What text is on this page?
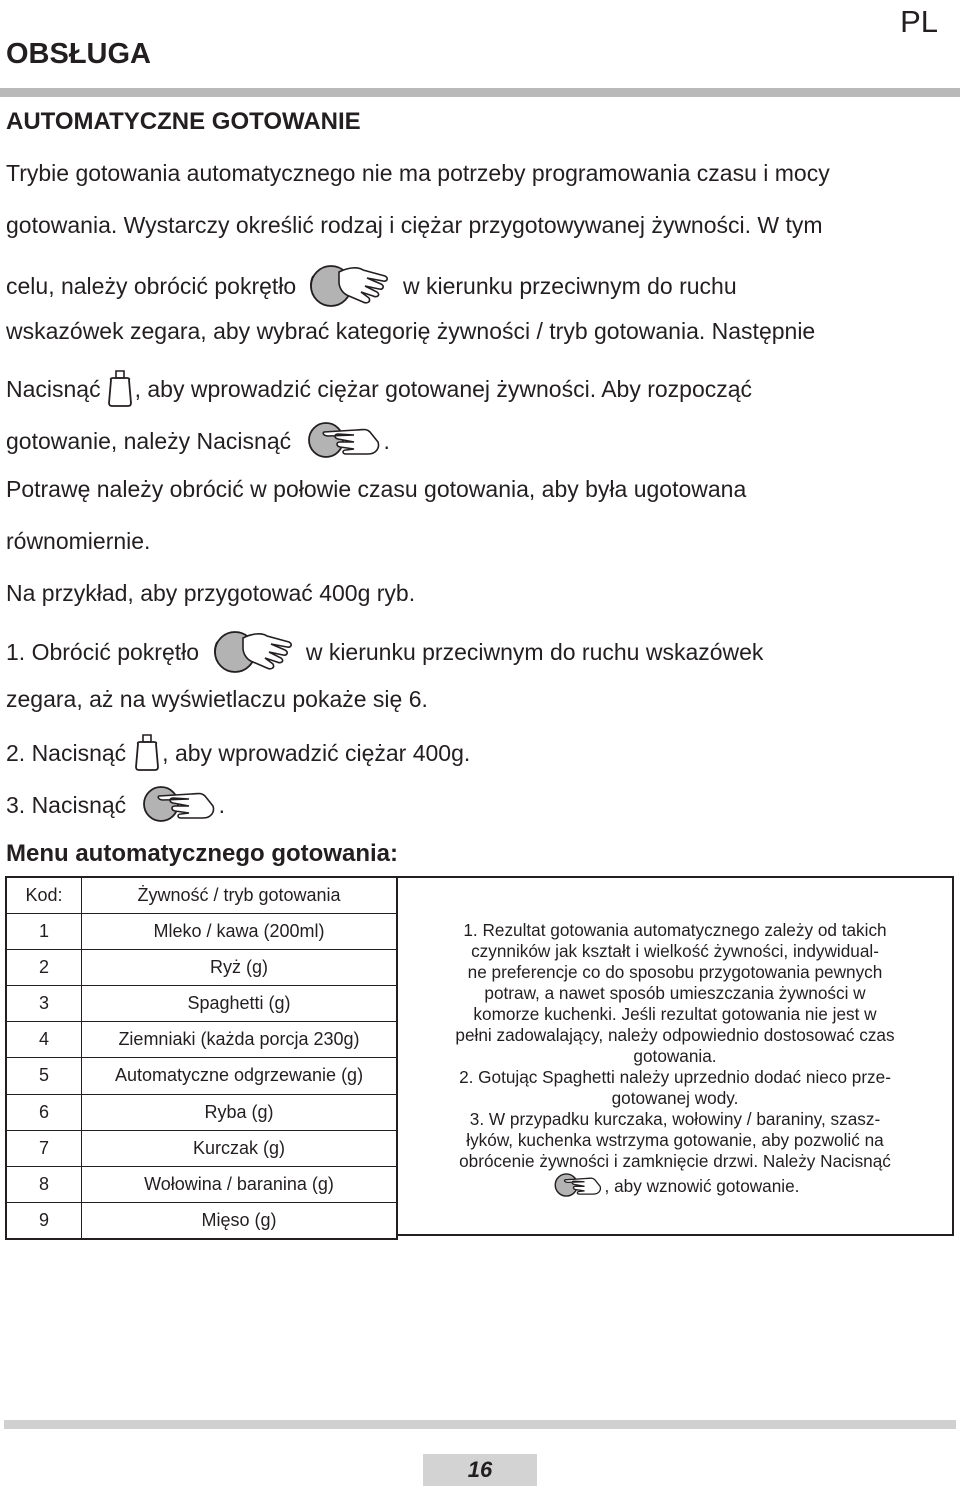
PL
OBSŁUGA
AUTOMATYCZNE GOTOWANIE
Trybie gotowania automatycznego nie ma potrzeby programowania czasu i mocy
gotowania. Wystarczy określić rodzaj i ciężar przygotowywanej żywności. W tym
celu, należy obrócić pokrętło	w kierunku przeciwnym do ruchu
wskazówek zegara, aby wybrać kategorię żywności / tryb gotowania. Następnie
Nacisnąć , aby wprowadzić ciężar gotowanej żywności. Aby rozpocząć
gotowanie, należy Nacisnąć	.
Potrawę należy obrócić w połowie czasu gotowania, aby była ugotowana
równomiernie.
Na przykład, aby przygotować 400g ryb.
1. Obrócić pokrętło	w kierunku przeciwnym do ruchu wskazówek
zegara, aż na wyświetlaczu pokaże się 6.
2. Nacisnąć , aby wprowadzić ciężar 400g.
3. Nacisnąć	.
Menu automatycznego gotowania:
Kod:	Żywność / tryb gotowania
1	Mleko / kawa (200ml)
2	Ryż (g)
3	Spaghetti (g)
4	Ziemniaki (każda porcja 230g)
5	Automatyczne odgrzewanie (g)
6	Ryba (g)
7	Kurczak (g)
8	Wołowina / baranina (g)
9	Mięso (g)

1. Rezultat gotowania automatycznego zależy od takich
czynników jak kształt i wielkość żywności, indywidual-
ne preferencje co do sposobu przygotowania pewnych
potraw, a nawet sposób umieszczania żywności w
komorze kuchenki. Jeśli rezultat gotowania nie jest w
pełni zadowalający, należy odpowiednio dostosować czas
gotowania.

2. Gotując Spaghetti należy uprzednio dodać nieco prze-
gotowanej wody.

3. W przypadku kurczaka, wołowiny / baraniny, szasz-
łyków, kuchenka wstrzyma gotowanie, aby pozwolić na
obrócenie żywności i zamknięcie drzwi. Należy Nacisnąć
, aby wznowić gotowanie.

16
